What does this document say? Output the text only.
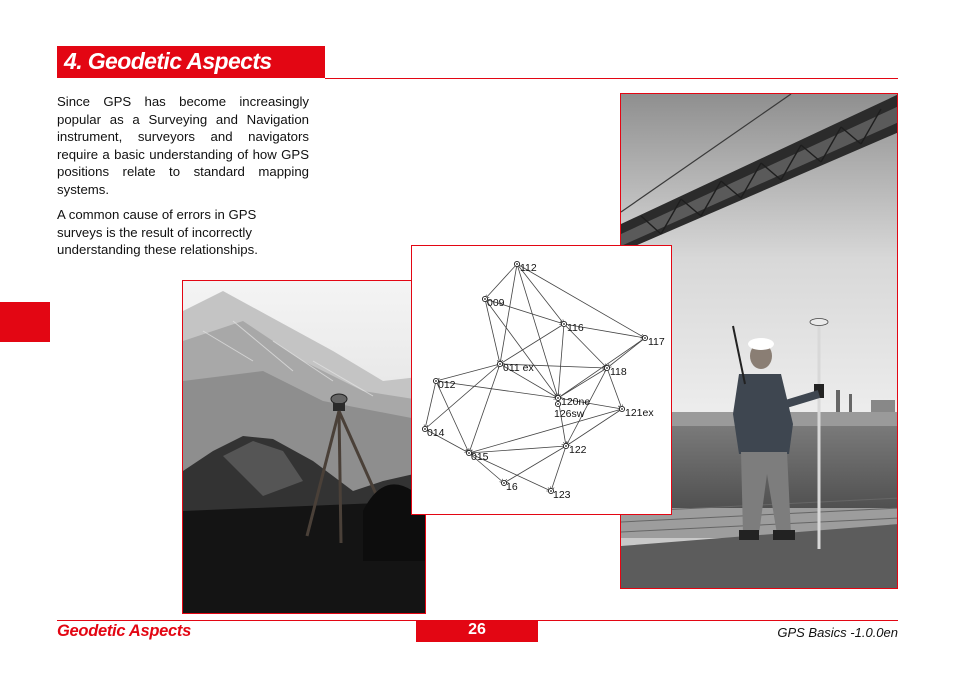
4. Geodetic Aspects

Since GPS has become increasingly popular as a Surveying and Navigation instrument, surveyors and navigators require a basic understanding of how GPS positions relate to standard mapping systems.

A common cause of errors in GPS surveys is the result of incorrectly understanding these relationships.

112
009
116
117
011 ex	118
012
120ne
126sw	121ex
014
015
122
16
123
Geodetic Aspects	26	GPS Basics -1.0.0en
